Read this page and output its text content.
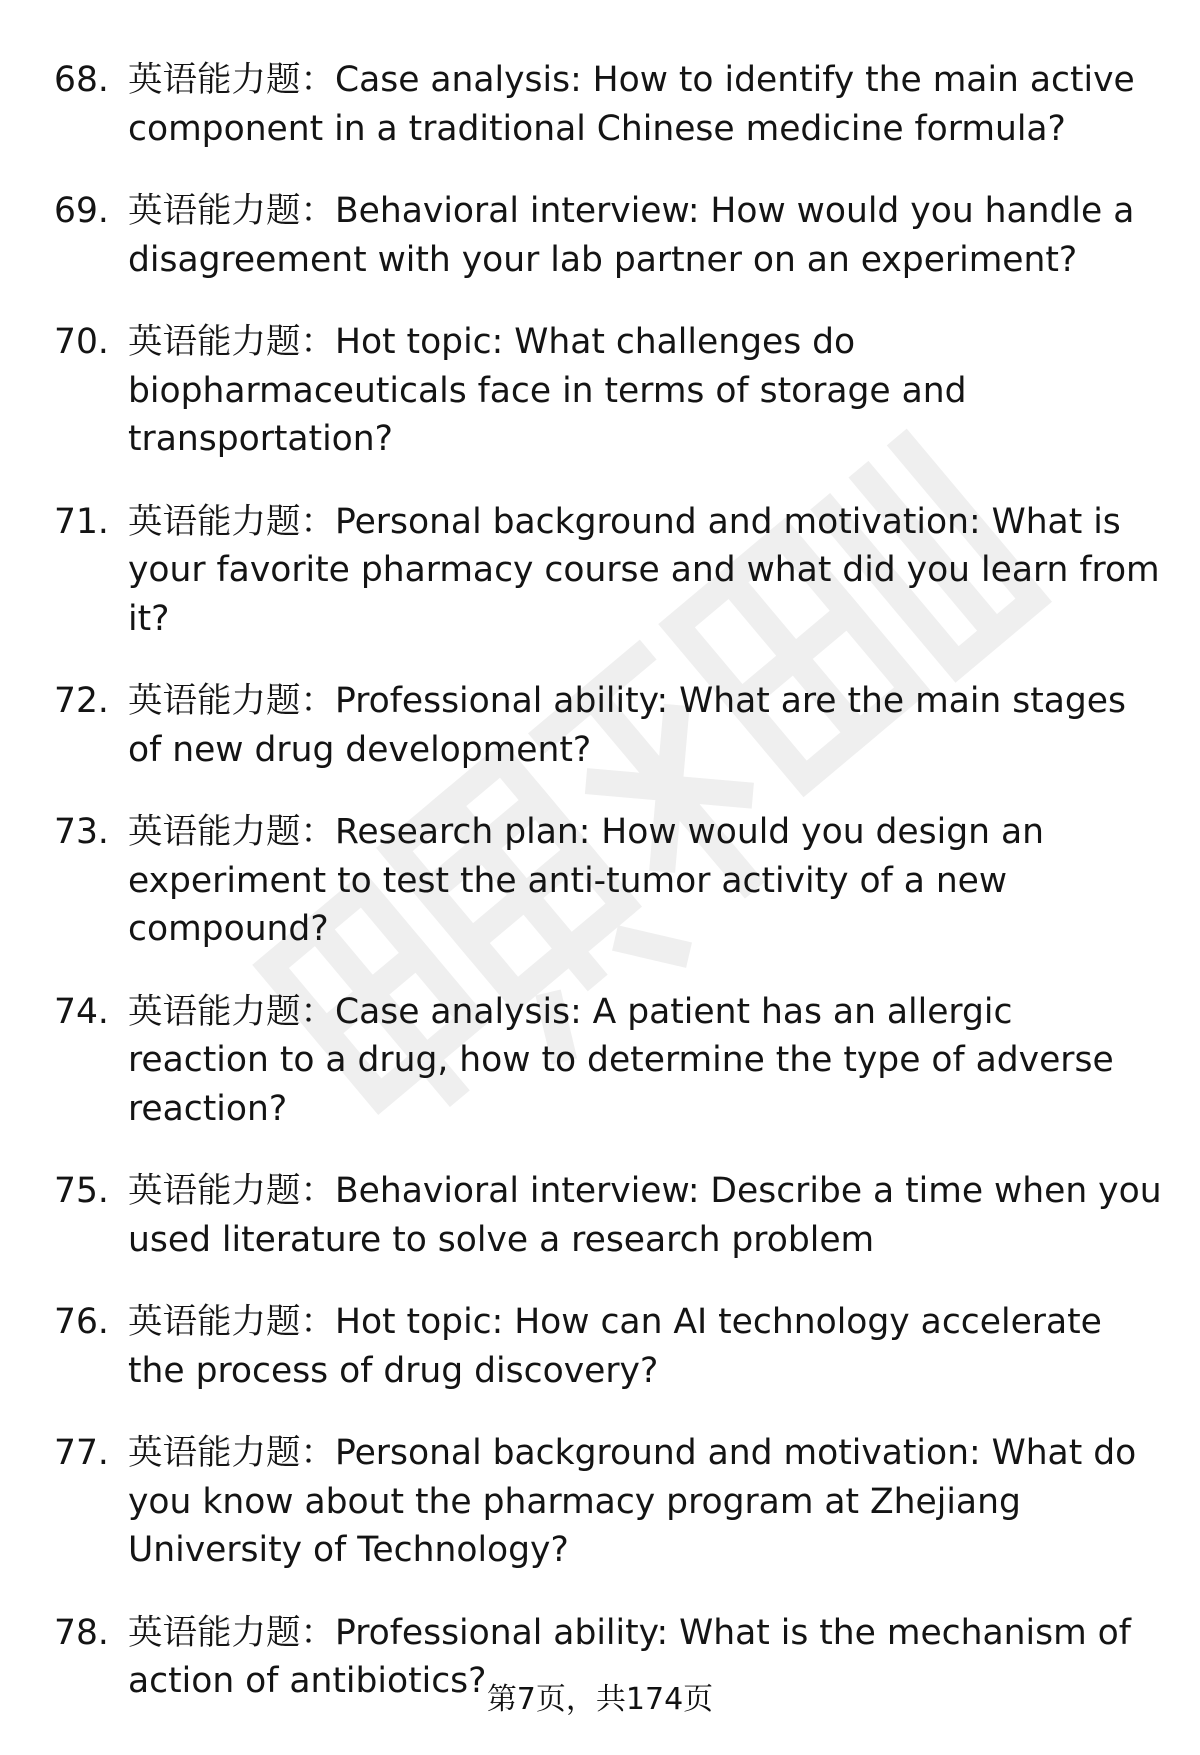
68. 英语能力题：Case analysis: How to identify the main active component in a traditional Chinese medicine formula?
69. 英语能力题：Behavioral interview: How would you handle a disagreement with your lab partner on an experiment?
70. 英语能力题：Hot topic: What challenges do biopharmaceuticals face in terms of storage and transportation?
71. 英语能力题：Personal background and motivation: What is your favorite pharmacy course and what did you learn from it?
72. 英语能力题：Professional ability: What are the main stages of new drug development?
73. 英语能力题：Research plan: How would you design an experiment to test the anti-tumor activity of a new compound?
74. 英语能力题：Case analysis: A patient has an allergic reaction to a drug, how to determine the type of adverse reaction?
75. 英语能力题：Behavioral interview: Describe a time when you used literature to solve a research problem
76. 英语能力题：Hot topic: How can AI technology accelerate the process of drug discovery?
77. 英语能力题：Personal background and motivation: What do you know about the pharmacy program at Zhejiang University of Technology?
78. 英语能力题：Professional ability: What is the mechanism of action of antibiotics? 第7页，共174页
